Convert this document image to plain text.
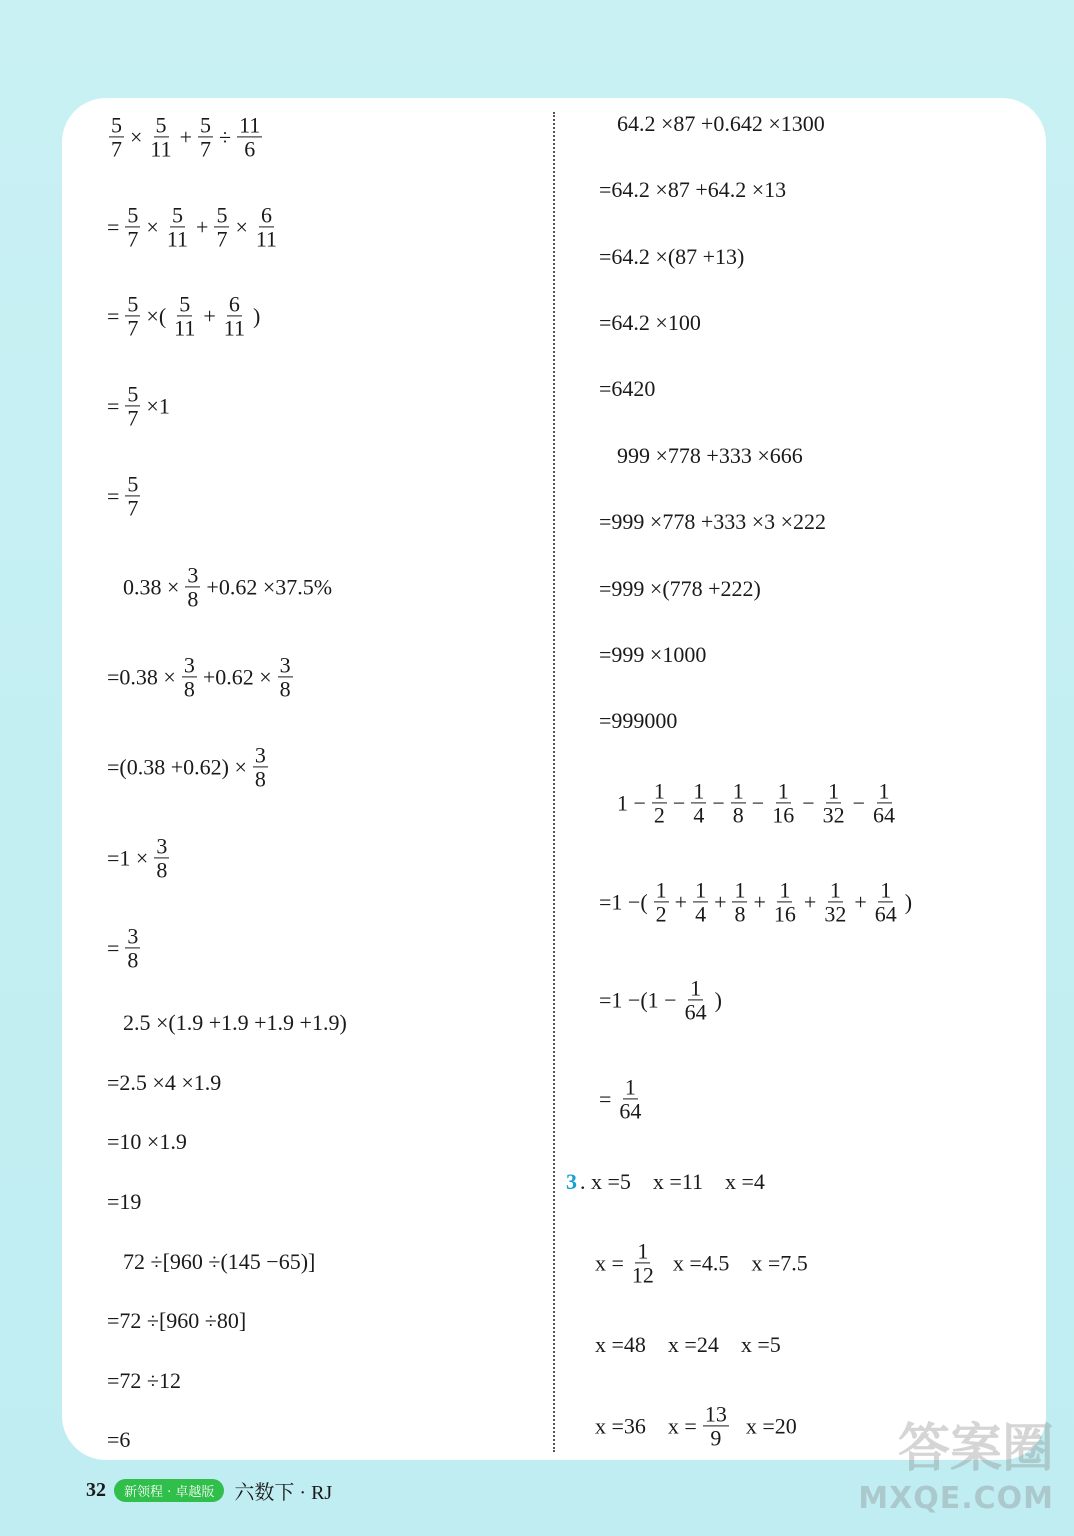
$\frac{5}{7} \times \frac{5}{11} + \frac{5}{7} \div \frac{11}{6}$
= $\frac{5}{7} \times \frac{5}{11} + \frac{5}{7} \times \frac{6}{11}$
= $\frac{5}{7}$ ×( $\frac{5}{11} + \frac{6}{11}$ )
= $\frac{5}{7} \times 1$
= $\frac{5}{7}$
$0.38 \times \frac{3}{8} +0.62 \times 37.5\%$
$=0.38 \times \frac{3}{8} +0.62 \times \frac{3}{8}$
$=(0.38 +0.62) \times \frac{3}{8}$
$=1 \times \frac{3}{8}$
= $\frac{3}{8}$
2.5 ×(1.9 +1.9 +1.9 +1.9)
=2.5 ×4 ×1.9
=10 ×1.9
=19
72 ÷[960 ÷(145 −65)]
=72 ÷[960 ÷80]
=72 ÷12
=6
64.2 ×87 +0.642 ×1300
=64.2 ×87 +64.2 ×13
=64.2 ×(87 +13)
=64.2 ×100
=6420
999 ×778 +333 ×666
=999 ×778 +333 ×3 ×222
=999 ×(778 +222)
=999 ×1000
=999000
$1 - \frac{1}{2} - \frac{1}{4} - \frac{1}{8} - \frac{1}{16} - \frac{1}{32} - \frac{1}{64}$
=1 −( $\frac{1}{2} + \frac{1}{4} + \frac{1}{8} + \frac{1}{16} + \frac{1}{32} + \frac{1}{64}$ )
$=1 -(1 - \frac{1}{64}$ )
= $\frac{1}{64}$
3 . x =5    x =11    x =4
$x = \frac{1}{12}$ x =4.5    x =7.5
x =48    x =24    x =5
x =36    $x = \frac{13}{9}$ x =20
32	新领程 · 卓越版	六数下 · RJ
答案圈
MXQE.COM
